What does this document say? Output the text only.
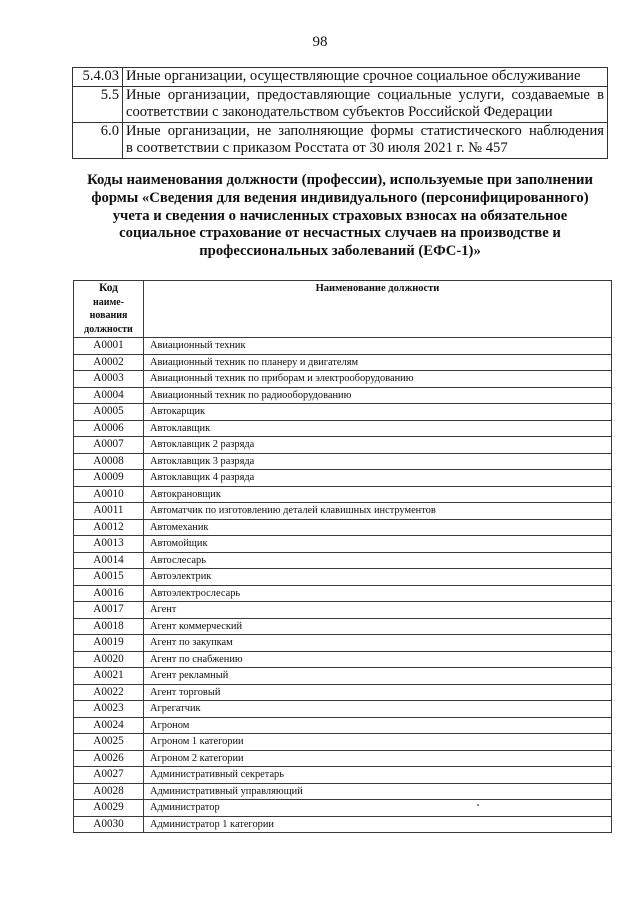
98
5.4.03	Иные организации, осуществляющие срочное социальное обслуживание

5.5	Иные организации, предоставляющие социальные услуги, создаваемые в
соответствии с законодательством субъектов Российской Федерации

6.0	Иные организации, не заполняющие формы статистического наблюдения
в соответствии с приказом Росстата от 30 июля 2021 г. № 457
Коды наименования должности (профессии), используемые при заполнении
формы «Сведения для ведения индивидуального (персонифицированного)
учета и сведения о начисленных страховых взносах на обязательное
социальное страхование от несчастных случаев на производстве и
профессиональных заболеваний (ЕФС-1)»
Код
наиме-
нования
должности	Наименование должности
A0001	Авиационный техник
A0002	Авиационный техник по планеру и двигателям
A0003	Авиационный техник по приборам и электрооборудованию
A0004	Авиационный техник по радиооборудованию
A0005	Автокарщик
A0006	Автоклавщик
A0007	Автоклавщик 2 разряда
A0008	Автоклавщик 3 разряда
A0009	Автоклавщик 4 разряда
A0010	Автокрановщик
A0011	Автоматчик по изготовлению деталей клавишных инструментов
A0012	Автомеханик
A0013	Автомойщик
A0014	Автослесарь
A0015	Автоэлектрик
A0016	Автоэлектрослесарь
A0017	Агент
A0018	Агент коммерческий
A0019	Агент по закупкам
A0020	Агент по снабжению
A0021	Агент рекламный
A0022	Агент торговый
A0023	Агрегатчик
A0024	Агроном
A0025	Агроном 1 категории
A0026	Агроном 2 категории
A0027	Административный секретарь
A0028	Административный управляющий
A0029	Администратор
A0030	Администратор 1 категории
